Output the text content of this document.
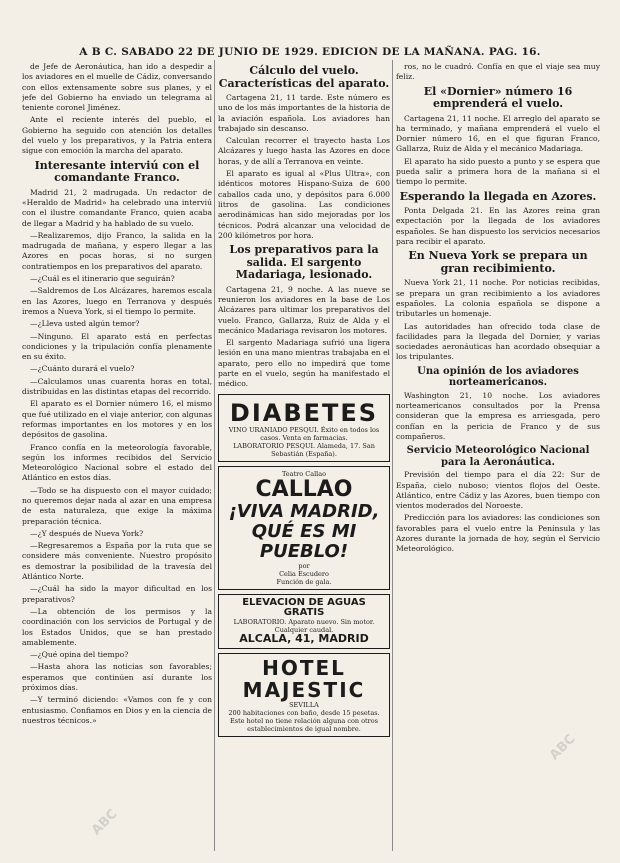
A B C. SABADO 22 DE JUNIO DE 1929. EDICION DE LA MAÑANA. PAG. 16.

de Jefe de Aeronáutica, han ido a despedir a los aviadores en el muelle de Cádiz, conversando con ellos extensamente sobre sus planes, y el jefe del Gobierno ha enviado un telegrama al teniente coronel Jiménez.

Ante el reciente interés del pueblo, el Gobierno ha seguido con atención los detalles del vuelo y los preparativos, y la Patria entera sigue con emoción la marcha del aparato.

Interesante interviú con el comandante Franco.

Madrid 21, 2 madrugada. Un redactor de «Heraldo de Madrid» ha celebrado una interviú con el ilustre comandante Franco, quien acaba de llegar a Madrid y ha hablado de su vuelo.

—Realizaremos, dijo Franco, la salida en la madrugada de mañana, y espero llegar a las Azores en pocas horas, si no surgen contratiempos en los preparativos del aparato.

—¿Cuál es el itinerario que seguirán?

—Saldremos de Los Alcázares, haremos escala en las Azores, luego en Terranova y después iremos a Nueva York, si el tiempo lo permite.

—¿Lleva usted algún temor?

—Ninguno. El aparato está en perfectas condiciones y la tripulación confía plenamente en su éxito.

—¿Cuánto durará el vuelo?

—Calculamos unas cuarenta horas en total, distribuidas en las distintas etapas del recorrido.

El aparato es el Dornier número 16, el mismo que fué utilizado en el viaje anterior, con algunas reformas importantes en los motores y en los depósitos de gasolina.

Franco confía en la meteorología favorable, según los informes recibidos del Servicio Meteorológico Nacional sobre el estado del Atlántico en estos días.

—Todo se ha dispuesto con el mayor cuidado; no queremos dejar nada al azar en una empresa de esta naturaleza, que exige la máxima preparación técnica.

—¿Y después de Nueva York?

—Regresaremos a España por la ruta que se considere más conveniente. Nuestro propósito es demostrar la posibilidad de la travesía del Atlántico Norte.

—¿Cuál ha sido la mayor dificultad en los preparativos?

—La obtención de los permisos y la coordinación con los servicios de Portugal y de los Estados Unidos, que se han prestado amablemente.

—¿Qué opina del tiempo?

—Hasta ahora las noticias son favorables; esperamos que continúen así durante los próximos días.

—Y terminó diciendo: «Vamos con fe y con entusiasmo. Confiamos en Dios y en la ciencia de nuestros técnicos.»

Cálculo del vuelo. Características del aparato.

Cartagena 21, 11 tarde. Este número es uno de los más importantes de la historia de la aviación española. Los aviadores han trabajado sin descanso.

Calculan recorrer el trayecto hasta Los Alcázares y luego hasta las Azores en doce horas, y de allí a Terranova en veinte.

El aparato es igual al «Plus Ultra», con idénticos motores Hispano-Suiza de 600 caballos cada uno, y depósitos para 6.000 litros de gasolina. Las condiciones aerodinámicas han sido mejoradas por los técnicos. Podrá alcanzar una velocidad de 200 kilómetros por hora.

Los preparativos para la salida. El sargento Madariaga, lesionado.

Cartagena 21, 9 noche. A las nueve se reunieron los aviadores en la base de Los Alcázares para ultimar los preparativos del vuelo. Franco, Gallarza, Ruiz de Alda y el mecánico Madariaga revisaron los motores.

El sargento Madariaga sufrió una ligera lesión en una mano mientras trabajaba en el aparato, pero ello no impedirá que tome parte en el vuelo, según ha manifestado el médico.

DIABETES
VINO URANIADO PESQUI. Éxito en todos los casos. Venta en farmacias.
LABORATORIO PESQUI. Alameda, 17. San Sebastián (España).
Teatro Callao
CALLAO
¡VIVA MADRID,
QUÉ ES MI PUEBLO!
por
Celia Escudero
Función de gala.
ELEVACION DE AGUAS GRATIS
LABORATORIO. Aparato nuevo. Sin motor. Cualquier caudal.
ALCALA, 41, MADRID
HOTEL MAJESTIC
SEVILLA
200 habitaciones con baño, desde 15 pesetas. Este hotel no tiene relación alguna con otros establecimientos de igual nombre.

ros, no le cuadró. Confía en que el viaje sea muy feliz.

El «Dornier» número 16 emprenderá el vuelo.

Cartagena 21, 11 noche. El arreglo del aparato se ha terminado, y mañana emprenderá el vuelo el Dornier número 16, en el que figuran Franco, Gallarza, Ruiz de Alda y el mecánico Madariaga.

El aparato ha sido puesto a punto y se espera que pueda salir a primera hora de la mañana si el tiempo lo permite.

Esperando la llegada en Azores.

Ponta Delgada 21. En las Azores reina gran expectación por la llegada de los aviadores españoles. Se han dispuesto los servicios necesarios para recibir el aparato.

En Nueva York se prepara un gran recibimiento.

Nueva York 21, 11 noche. Por noticias recibidas, se prepara un gran recibimiento a los aviadores españoles. La colonia española se dispone a tributarles un homenaje.

Las autoridades han ofrecido toda clase de facilidades para la llegada del Dornier, y varias sociedades aeronáuticas han acordado obsequiar a los tripulantes.

Una opinión de los aviadores norteamericanos.

Washington 21, 10 noche. Los aviadores norteamericanos consultados por la Prensa consideran que la empresa es arriesgada, pero confían en la pericia de Franco y de sus compañeros.

Servicio Meteorológico Nacional para la Aeronáutica.

Previsión del tiempo para el día 22: Sur de España, cielo nuboso; vientos flojos del Oeste. Atlántico, entre Cádiz y las Azores, buen tiempo con vientos moderados del Noroeste.

Predicción para los aviadores: las condiciones son favorables para el vuelo entre la Península y las Azores durante la jornada de hoy, según el Servicio Meteorológico.

ABC
ABC
